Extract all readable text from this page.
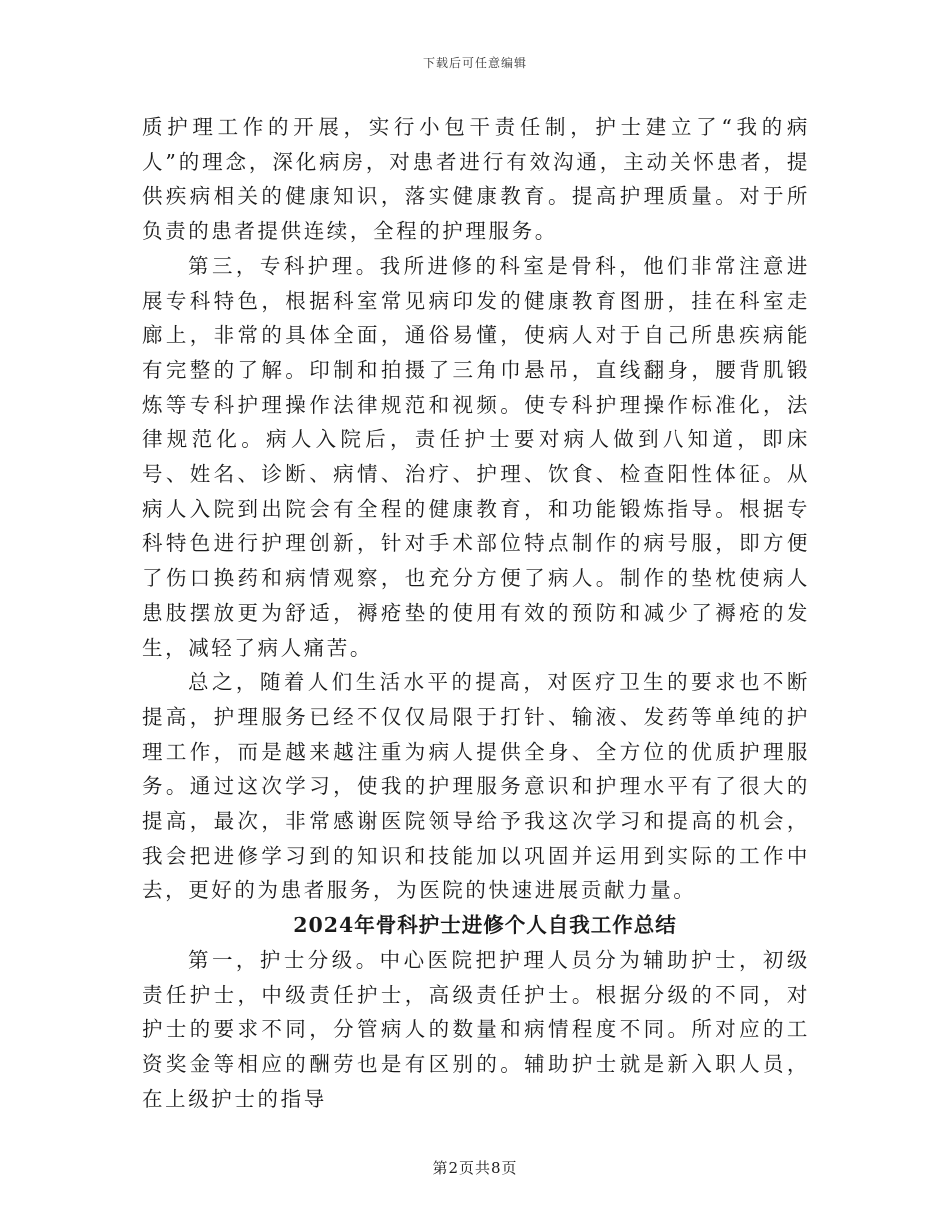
下载后可任意编辑

质护理工作的开展，实行小包干责任制，护士建立了“我的病人”的理念，深化病房，对患者进行有效沟通，主动关怀患者，提供疾病相关的健康知识，落实健康教育。提高护理质量。对于所负责的患者提供连续，全程的护理服务。

第三，专科护理。我所进修的科室是骨科，他们非常注意进展专科特色，根据科室常见病印发的健康教育图册，挂在科室走廊上，非常的具体全面，通俗易懂，使病人对于自己所患疾病能有完整的了解。印制和拍摄了三角巾悬吊，直线翻身，腰背肌锻炼等专科护理操作法律规范和视频。使专科护理操作标准化，法律规范化。病人入院后，责任护士要对病人做到八知道，即床号、姓名、诊断、病情、治疗、护理、饮食、检查阳性体征。从病人入院到出院会有全程的健康教育，和功能锻炼指导。根据专科特色进行护理创新，针对手术部位特点制作的病号服，即方便了伤口换药和病情观察，也充分方便了病人。制作的垫枕使病人患肢摆放更为舒适，褥疮垫的使用有效的预防和减少了褥疮的发生，减轻了病人痛苦。

总之，随着人们生活水平的提高，对医疗卫生的要求也不断提高，护理服务已经不仅仅局限于打针、输液、发药等单纯的护理工作，而是越来越注重为病人提供全身、全方位的优质护理服务。通过这次学习，使我的护理服务意识和护理水平有了很大的提高，最次，非常感谢医院领导给予我这次学习和提高的机会，我会把进修学习到的知识和技能加以巩固并运用到实际的工作中去，更好的为患者服务，为医院的快速进展贡献力量。

2024年骨科护士进修个人自我工作总结

第一，护士分级。中心医院把护理人员分为辅助护士，初级责任护士，中级责任护士，高级责任护士。根据分级的不同，对护士的要求不同，分管病人的数量和病情程度不同。所对应的工资奖金等相应的酬劳也是有区别的。辅助护士就是新入职人员，在上级护士的指导

第2页共8页
